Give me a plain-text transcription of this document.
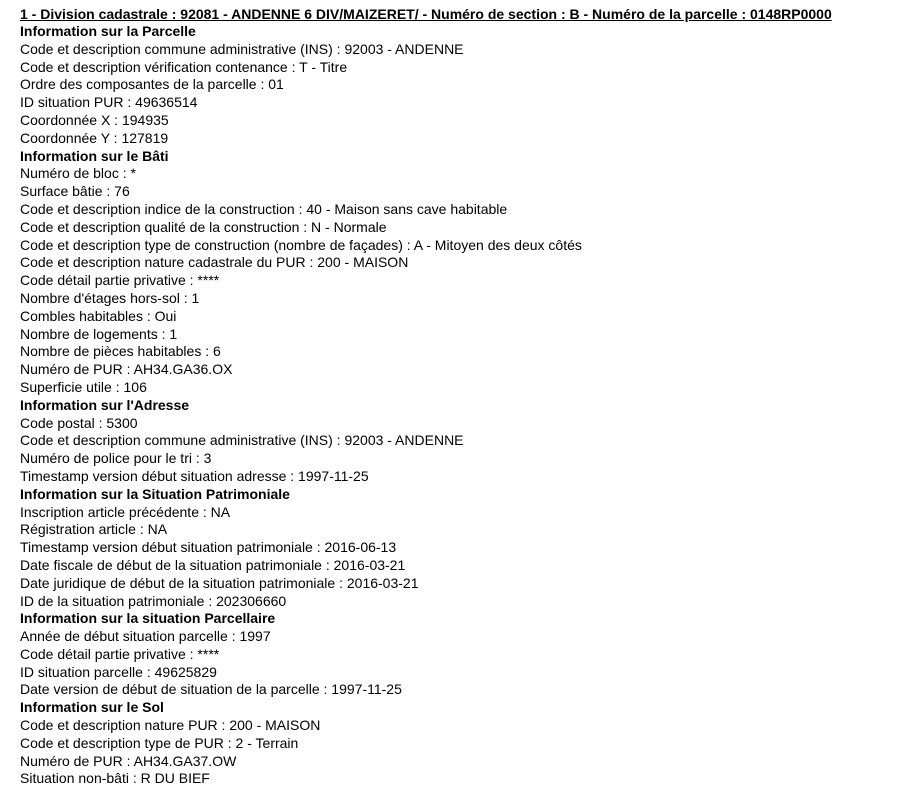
1 - Division cadastrale : 92081 - ANDENNE 6 DIV/MAIZERET/ - Numéro de section : B - Numéro de la parcelle : 0148RP0000
Information sur la Parcelle
Code et description commune administrative (INS) : 92003 - ANDENNE
Code et description vérification contenance : T - Titre
Ordre des composantes de la parcelle : 01
ID situation PUR : 49636514
Coordonnée X : 194935
Coordonnée Y : 127819
Information sur le Bâti
Numéro de bloc : *
Surface bâtie : 76
Code et description indice de la construction : 40 - Maison sans cave habitable
Code et description qualité de la construction : N - Normale
Code et description type de construction (nombre de façades) : A - Mitoyen des deux côtés
Code et description nature cadastrale du PUR : 200 - MAISON
Code détail partie privative : ****
Nombre d'étages hors-sol : 1
Combles habitables : Oui
Nombre de logements : 1
Nombre de pièces habitables : 6
Numéro de PUR : AH34.GA36.OX
Superficie utile : 106
Information sur l'Adresse
Code postal : 5300
Code et description commune administrative (INS) : 92003 - ANDENNE
Numéro de police pour le tri : 3
Timestamp version début situation adresse : 1997-11-25
Information sur la Situation Patrimoniale
Inscription article précédente : NA
Régistration article : NA
Timestamp version début situation patrimoniale : 2016-06-13
Date fiscale de début de la situation patrimoniale : 2016-03-21
Date juridique de début de la situation patrimoniale : 2016-03-21
ID de la situation patrimoniale : 202306660
Information sur la situation Parcellaire
Année de début situation parcelle : 1997
Code détail partie privative : ****
ID situation parcelle : 49625829
Date version de début de situation de la parcelle : 1997-11-25
Information sur le Sol
Code et description nature PUR : 200 - MAISON
Code et description type de PUR : 2 - Terrain
Numéro de PUR : AH34.GA37.OW
Situation non-bâti : R DU BIEF
